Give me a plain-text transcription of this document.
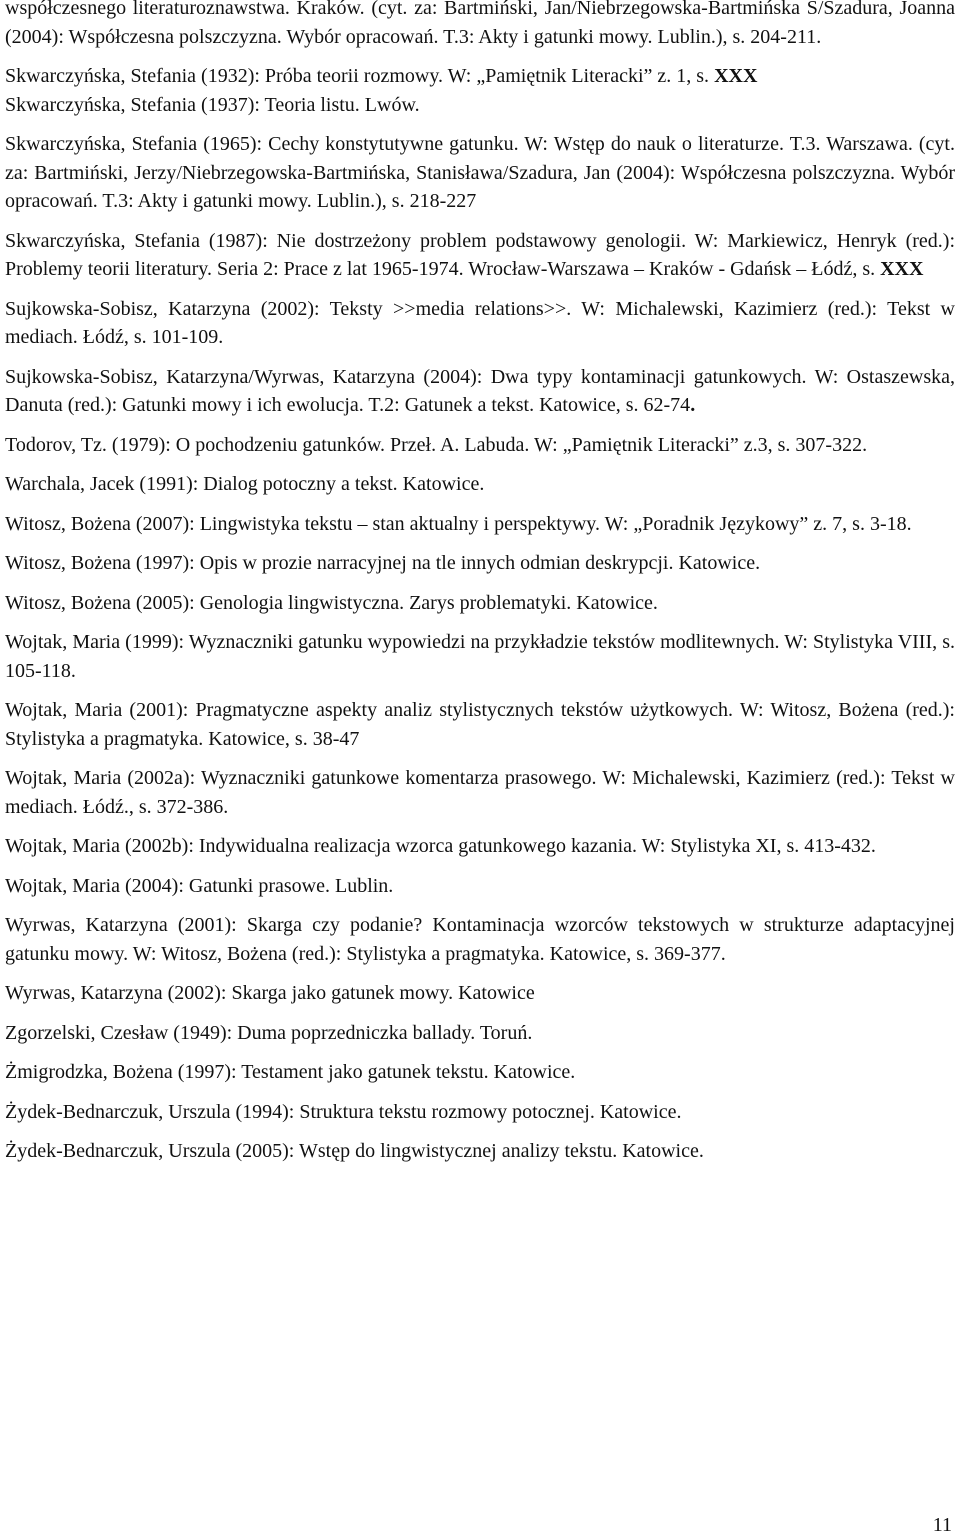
współczesnego literaturoznawstwa. Kraków. (cyt. za: Bartmiński, Jan/Niebrzegowska-Bartmińska S/Szadura, Joanna (2004): Współczesna polszczyzna. Wybór opracowań. T.3: Akty i gatunki mowy. Lublin.), s. 204-211.

Skwarczyńska, Stefania (1932): Próba teorii rozmowy. W: „Pamiętnik Literacki” z. 1, s. XXX

Skwarczyńska, Stefania (1937): Teoria listu. Lwów.

Skwarczyńska, Stefania (1965): Cechy konstytutywne gatunku. W: Wstęp do nauk o literaturze. T.3. Warszawa. (cyt. za: Bartmiński, Jerzy/Niebrzegowska-Bartmińska, Stanisława/Szadura, Jan (2004): Współczesna polszczyzna. Wybór opracowań. T.3: Akty i gatunki mowy. Lublin.), s. 218-227

Skwarczyńska, Stefania (1987): Nie dostrzeżony problem podstawowy genologii. W: Markiewicz, Henryk (red.): Problemy teorii literatury. Seria 2: Prace z lat 1965-1974. Wrocław-Warszawa – Kraków - Gdańsk – Łódź, s. XXX

Sujkowska-Sobisz, Katarzyna (2002): Teksty >>media relations>>. W: Michalewski, Kazimierz (red.): Tekst w mediach. Łódź, s. 101-109.

Sujkowska-Sobisz, Katarzyna/Wyrwas, Katarzyna (2004): Dwa typy kontaminacji gatunkowych. W: Ostaszewska, Danuta (red.): Gatunki mowy i ich ewolucja. T.2: Gatunek a tekst. Katowice, s. 62-74.

Todorov, Tz. (1979): O pochodzeniu gatunków. Przeł. A. Labuda. W: „Pamiętnik Literacki” z.3, s. 307-322.

Warchala, Jacek (1991): Dialog potoczny a tekst. Katowice.

Witosz, Bożena (2007): Lingwistyka tekstu – stan aktualny i perspektywy. W: „Poradnik Językowy” z. 7, s. 3-18.

Witosz, Bożena (1997): Opis w prozie narracyjnej na tle innych odmian deskrypcji. Katowice.

Witosz, Bożena (2005): Genologia lingwistyczna. Zarys problematyki. Katowice.

Wojtak, Maria (1999): Wyznaczniki gatunku wypowiedzi na przykładzie tekstów modlitewnych. W: Stylistyka VIII, s. 105-118.

Wojtak, Maria (2001): Pragmatyczne aspekty analiz stylistycznych tekstów użytkowych. W: Witosz, Bożena (red.): Stylistyka a pragmatyka. Katowice, s. 38-47

Wojtak, Maria (2002a): Wyznaczniki gatunkowe komentarza prasowego. W: Michalewski, Kazimierz (red.): Tekst w mediach. Łódź., s. 372-386.

Wojtak, Maria (2002b): Indywidualna realizacja wzorca gatunkowego kazania. W: Stylistyka XI, s. 413-432.

Wojtak, Maria (2004): Gatunki prasowe. Lublin.

Wyrwas, Katarzyna (2001): Skarga czy podanie? Kontaminacja wzorców tekstowych w strukturze adaptacyjnej gatunku mowy. W: Witosz, Bożena (red.): Stylistyka a pragmatyka. Katowice, s. 369-377.

Wyrwas, Katarzyna (2002): Skarga jako gatunek mowy. Katowice

Zgorzelski, Czesław (1949): Duma poprzedniczka ballady. Toruń.

Żmigrodzka, Bożena (1997): Testament jako gatunek tekstu. Katowice.

Żydek-Bednarczuk, Urszula (1994): Struktura tekstu rozmowy potocznej. Katowice.

Żydek-Bednarczuk, Urszula (2005): Wstęp do lingwistycznej analizy tekstu. Katowice.

11
